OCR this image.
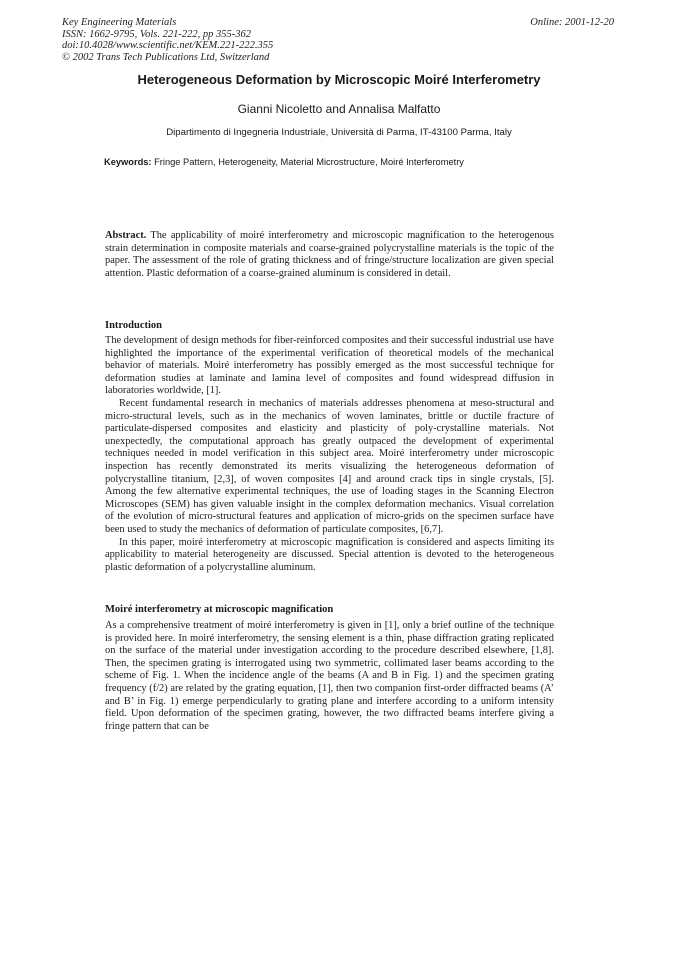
Key Engineering Materials
ISSN: 1662-9795, Vols. 221-222, pp 355-362
doi:10.4028/www.scientific.net/KEM.221-222.355
© 2002 Trans Tech Publications Ltd, Switzerland
Online: 2001-12-20
Heterogeneous Deformation by Microscopic Moiré Interferometry
Gianni Nicoletto and Annalisa Malfatto
Dipartimento di Ingegneria Industriale, Università di Parma, IT-43100 Parma, Italy
Keywords: Fringe Pattern, Heterogeneity, Material Microstructure, Moiré Interferometry

Abstract. The applicability of moiré interferometry and microscopic magnification to the heterogenous strain determination in composite materials and coarse-grained polycrystalline materials is the topic of the paper. The assessment of the role of grating thickness and of fringe/structure localization are given special attention. Plastic deformation of a coarse-grained aluminum is considered in detail.

Introduction

The development of design methods for fiber-reinforced composites and their successful industrial use have highlighted the importance of the experimental verification of theoretical models of the mechanical behavior of materials. Moiré interferometry has possibly emerged as the most successful technique for deformation studies at laminate and lamina level of composites and found widespread diffusion in laboratories worldwide, [1].

Recent fundamental research in mechanics of materials addresses phenomena at meso-structural and micro-structural levels, such as in the mechanics of woven laminates, brittle or ductile fracture of particulate-dispersed composites and elasticity and plasticity of poly-crystalline materials. Not unexpectedly, the computational approach has greatly outpaced the development of experimental techniques needed in model verification in this subject area. Moiré interferometry under microscopic inspection has recently demonstrated its merits visualizing the heterogeneous deformation of polycrystalline titanium, [2,3], of woven composites [4] and around crack tips in single crystals, [5]. Among the few alternative experimental techniques, the use of loading stages in the Scanning Electron Microscopes (SEM) has given valuable insight in the complex deformation mechanics. Visual correlation of the evolution of micro-structural features and application of micro-grids on the specimen surface have been used to study the mechanics of deformation of particulate composites, [6,7].

In this paper, moiré interferometry at microscopic magnification is considered and aspects limiting its applicability to material heterogeneity are discussed. Special attention is devoted to the heterogeneous plastic deformation of a polycrystalline aluminum.

Moiré interferometry at microscopic magnification

As a comprehensive treatment of moiré interferometry is given in [1], only a brief outline of the technique is provided here. In moiré interferometry, the sensing element is a thin, phase diffraction grating replicated on the surface of the material under investigation according to the procedure described elsewhere, [1,8]. Then, the specimen grating is interrogated using two symmetric, collimated laser beams according to the scheme of Fig. 1. When the incidence angle of the beams (A and B in Fig. 1) and the specimen grating frequency (f/2) are related by the grating equation, [1], then two companion first-order diffracted beams (A’ and B’ in Fig. 1) emerge perpendicularly to grating plane and interfere according to a uniform intensity field. Upon deformation of the specimen grating, however, the two diffracted beams interfere giving a fringe pattern that can be
